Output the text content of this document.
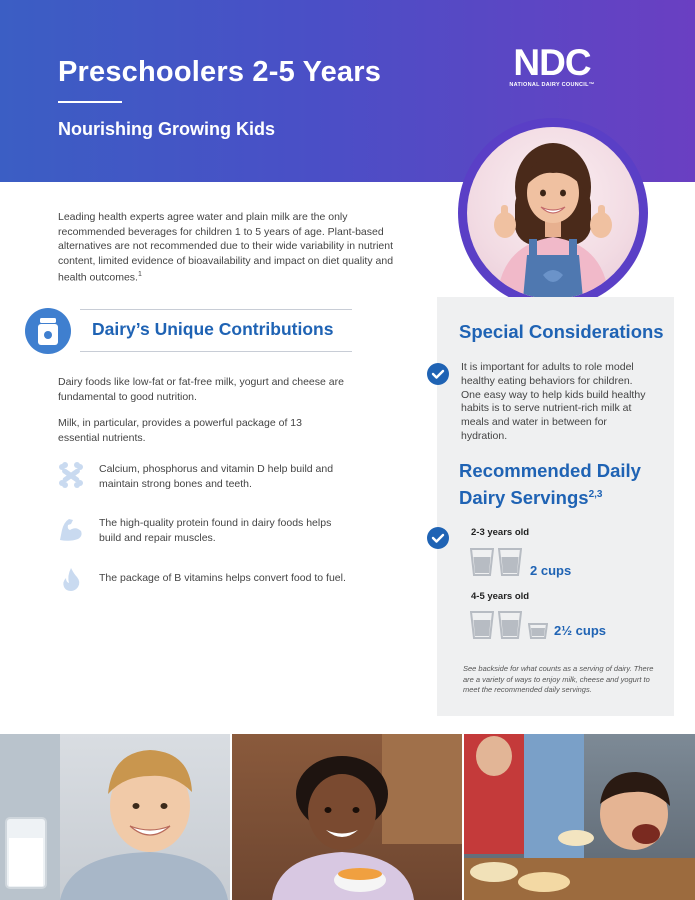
Preschoolers 2-5 Years
Nourishing Growing Kids
NDC
NATIONAL DAIRY COUNCIL™

Leading health experts agree water and plain milk are the only recommended beverages for children 1 to 5 years of age. Plant-based alternatives are not recommended due to their wide variability in nutrient content, limited evidence of bioavailability and impact on diet quality and health outcomes.$^1$

Dairy’s Unique Contributions

Dairy foods like low-fat or fat-free milk, yogurt and cheese are fundamental to good nutrition.

Milk, in particular, provides a powerful package of 13 essential nutrients.

Calcium, phosphorus and vitamin D help build and maintain strong bones and teeth.

The high-quality protein found in dairy foods helps build and repair muscles.

The package of B vitamins helps convert food to fuel.

Special Considerations

It is important for adults to role model healthy eating behaviors for children. One easy way to help kids build healthy habits is to serve nutrient-rich milk at meals and water in between for hydration.

Recommended Daily Dairy Servings$^{2,3}$
2-3 years old
2 cups
4-5 years old
2½ cups

See backside for what counts as a serving of dairy. There are a variety of ways to enjoy milk, cheese and yogurt to meet the recommended daily servings.
